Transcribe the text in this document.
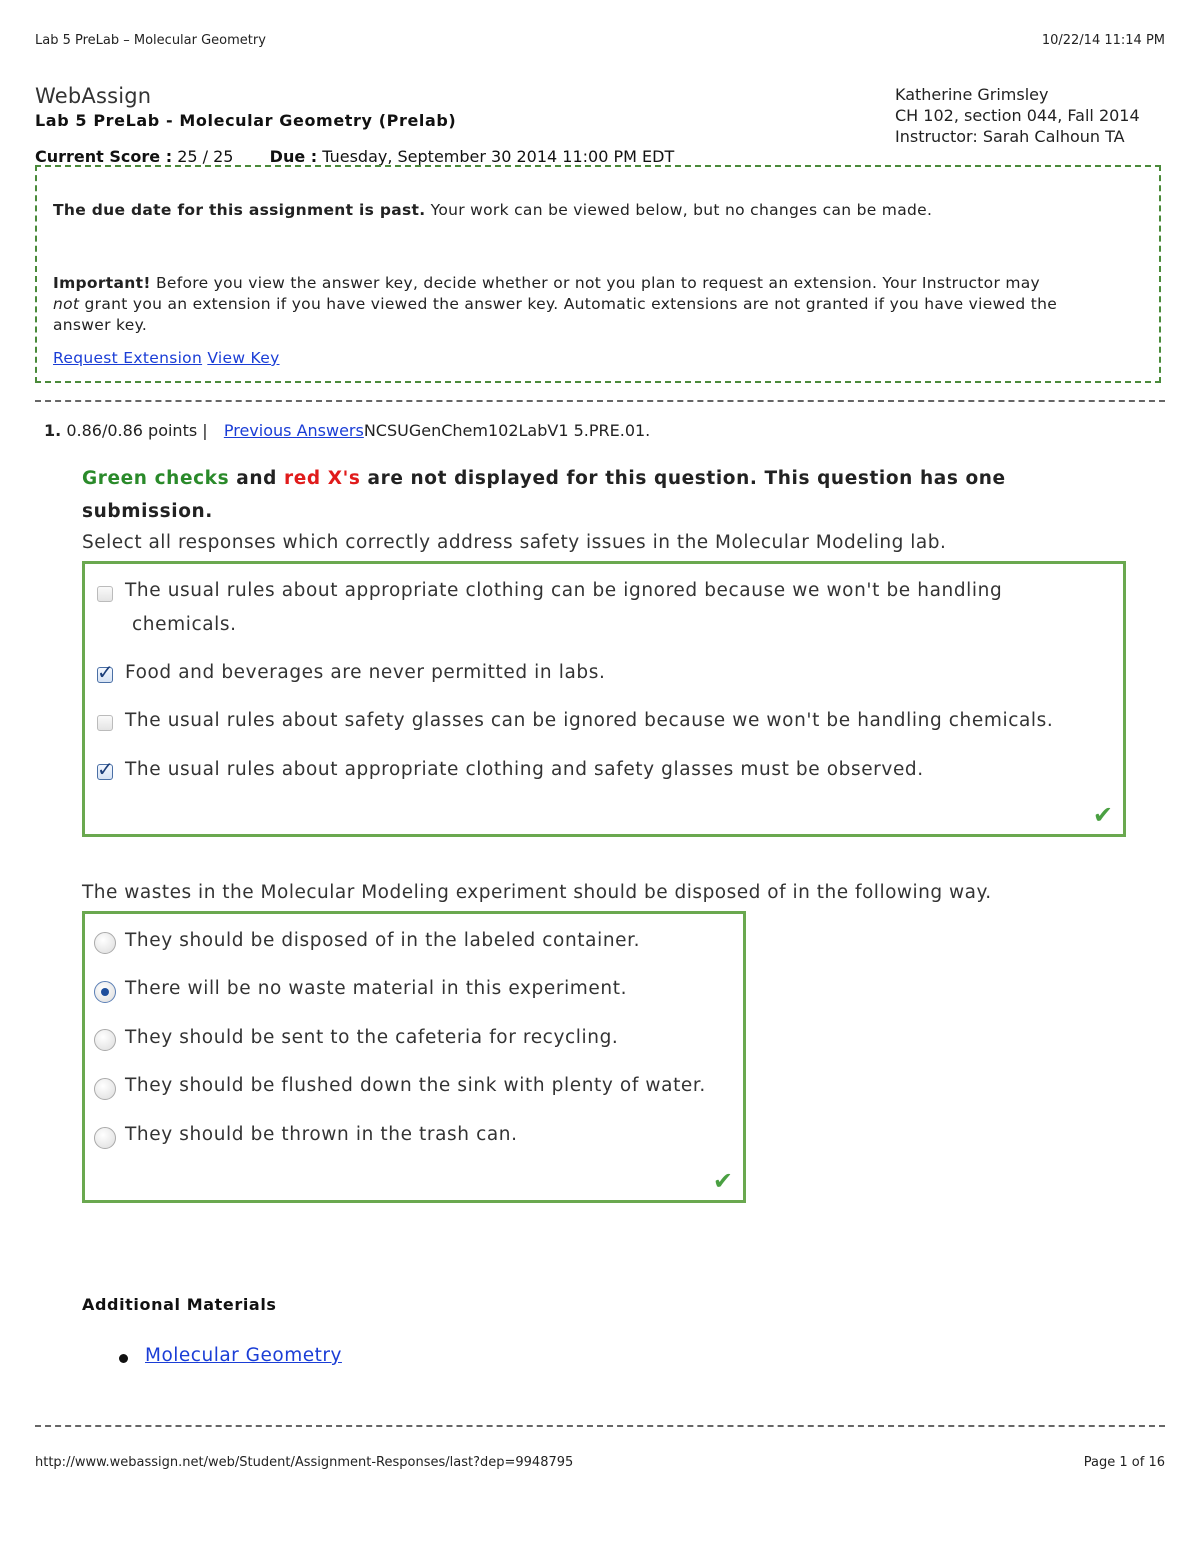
Lab 5 PreLab – Molecular Geometry	10/22/14 11:14 PM
WebAssign
Lab 5 PreLab - Molecular Geometry (Prelab)
Katherine Grimsley
CH 102, section 044, Fall 2014
Instructor: Sarah Calhoun TA
Current Score : 25 / 25 Due : Tuesday, September 30 2014 11:00 PM EDT

The due date for this assignment is past. Your work can be viewed below, but no changes can be made.

Important! Before you view the answer key, decide whether or not you plan to request an extension. Your Instructor may
not grant you an extension if you have viewed the answer key. Automatic extensions are not granted if you have viewed the
answer key.

Request Extension View Key

1. 0.86/0.86 points | Previous AnswersNCSUGenChem102LabV1 5.PRE.01.
Green checks and red X's are not displayed for this question. This question has one
submission.
Select all responses which correctly address safety issues in the Molecular Modeling lab.
The usual rules about appropriate clothing can be ignored because we won't be handling
chemicals.
✓ Food and beverages are never permitted in labs.
The usual rules about safety glasses can be ignored because we won't be handling chemicals.
✓ The usual rules about appropriate clothing and safety glasses must be observed.
✔
The wastes in the Molecular Modeling experiment should be disposed of in the following way.
They should be disposed of in the labeled container.
There will be no waste material in this experiment.
They should be sent to the cafeteria for recycling.
They should be flushed down the sink with plenty of water.
They should be thrown in the trash can.
✔
Additional Materials
Molecular Geometry
http://www.webassign.net/web/Student/Assignment-Responses/last?dep=9948795	Page 1 of 16
